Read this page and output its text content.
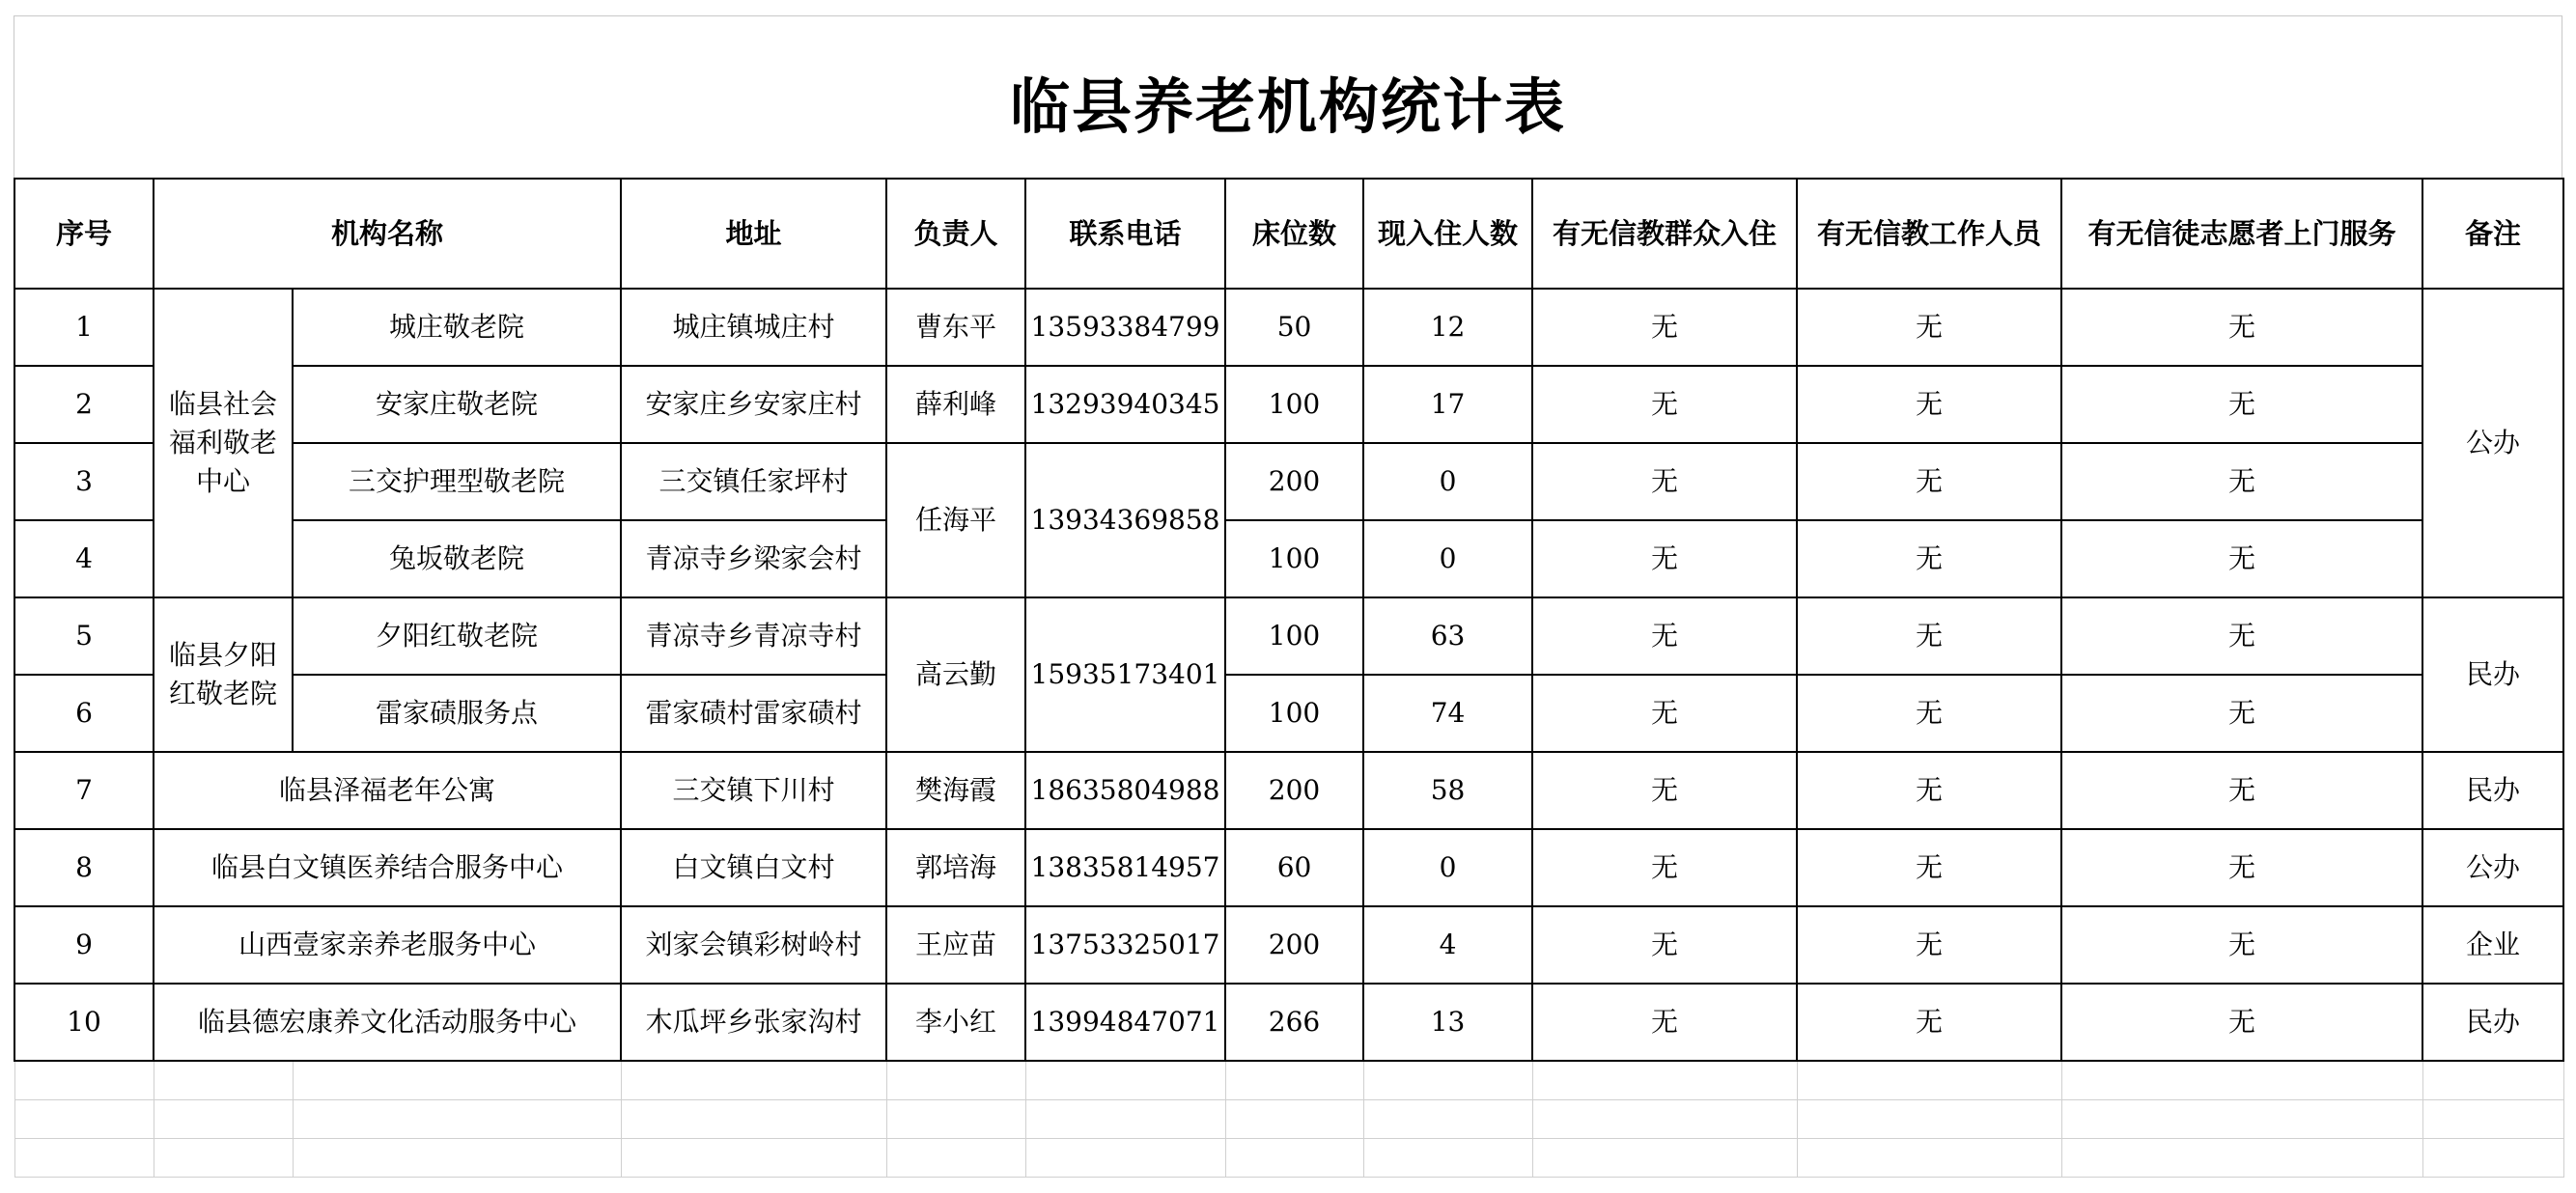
临县养老机构统计表
序号	机构名称		地址	负责人	联系电话	床位数	现入住人数	有无信教群众入住	有无信教工作人员	有无信徒志愿者上门服务	备注
1	临县社会福利敬老中心	城庄敬老院	城庄镇城庄村	曹东平	13593384799	50	12	无	无	无	公办
2		安家庄敬老院	安家庄乡安家庄村	薛利峰	13293940345	100	17	无	无	无	
3		三交护理型敬老院	三交镇任家坪村	任海平	13934369858	200	0	无	无	无	
4		兔坂敬老院	青凉寺乡梁家会村			100	0	无	无	无	
5	临县夕阳红敬老院	夕阳红敬老院	青凉寺乡青凉寺村	高云勤	15935173401	100	63	无	无	无	民办
6		雷家碛服务点	雷家碛村雷家碛村			100	74	无	无	无	
7	临县泽福老年公寓		三交镇下川村	樊海霞	18635804988	200	58	无	无	无	民办
8	临县白文镇医养结合服务中心		白文镇白文村	郭培海	13835814957	60	0	无	无	无	公办
9	山西壹家亲养老服务中心		刘家会镇彩树岭村	王应苗	13753325017	200	4	无	无	无	企业
10	临县德宏康养文化活动服务中心		木瓜坪乡张家沟村	李小红	13994847071	266	13	无	无	无	民办
